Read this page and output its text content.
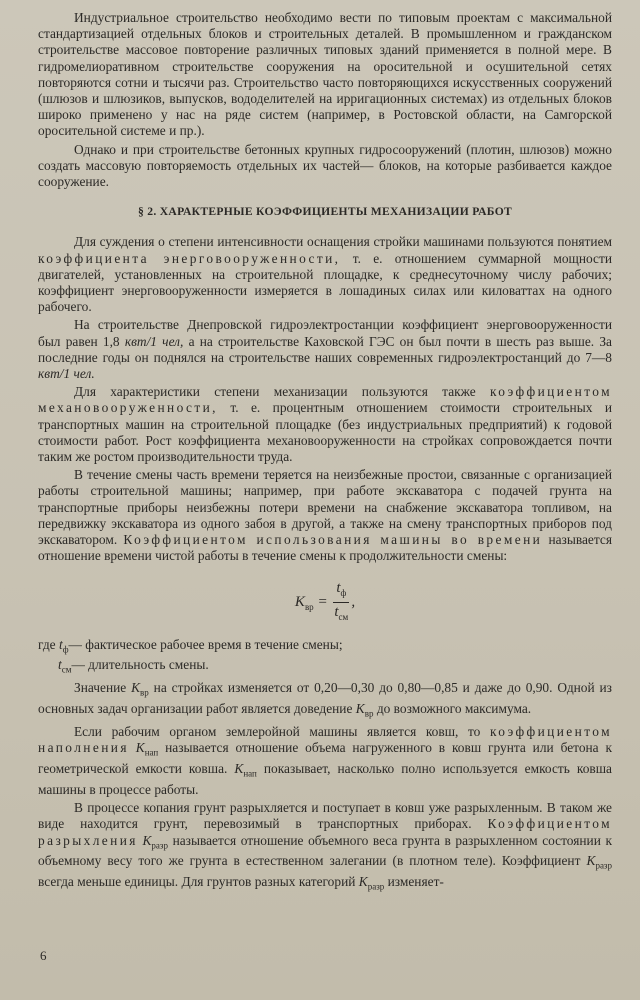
Индустриальное строительство необходимо вести по типовым проектам с максимальной стандартизацией отдельных блоков и строительных деталей. В промышленном и гражданском строительстве массовое повторение различных типовых зданий применяется в полной мере. В гидромелиоративном строительстве сооружения на оросительной и осушительной сетях повторяются сотни и тысячи раз. Строительство часто повторяющихся искусственных сооружений (шлюзов и шлюзиков, выпусков, вододелителей на ирригационных системах) из отдельных блоков широко применено у нас на ряде систем (например, в Ростовской области, на Самгорской оросительной системе и пр.).

Однако и при строительстве бетонных крупных гидросооружений (плотин, шлюзов) можно создать массовую повторяемость отдельных их частей— блоков, на которые разбивается каждое сооружение.

§ 2. ХАРАКТЕРНЫЕ КОЭФФИЦИЕНТЫ МЕХАНИЗАЦИИ РАБОТ

Для суждения о степени интенсивности оснащения стройки машинами пользуются понятием коэффициента энерговооруженности, т. е. отношением суммарной мощности двигателей, установленных на строительной площадке, к среднесуточному числу рабочих; коэффициент энерговооруженности измеряется в лошадиных силах или киловаттах на одного рабочего.

На строительстве Днепровской гидроэлектростанции коэффициент энерговооруженности был равен 1,8 квт/1 чел, а на строительстве Каховской ГЭС он был почти в шесть раз выше. За последние годы он поднялся на строительстве наших современных гидроэлектростанций до 7—8 квт/1 чел.

Для характеристики степени механизации пользуются также коэффициентом механовооруженности, т. е. процентным отношением стоимости строительных и транспортных машин на строительной площадке (без индустриальных предприятий) к годовой стоимости работ. Рост коэффициента механовооруженности на стройках сопровождается почти таким же ростом производительности труда.

В течение смены часть времени теряется на неизбежные простои, связанные с организацией работы строительной машины; например, при работе экскаватора с подачей грунта на транспортные приборы неизбежны потери времени на снабжение экскаватора топливом, на передвижку экскаватора из одного забоя в другой, а также на смену транспортных приборов под экскаватором. Коэффициентом использования машины во времени называется отношение времени чистой работы в течение смены к продолжительности смены:

$K_{вр} = \frac{t_ф}{t_{см}}$ ,

где $t_ф—$ фактическое рабочее время в течение смены;

$t_{см}—$ длительность смены.

Значение $K_{вр}$ на стройках изменяется от 0,20—0,30 до 0,80—0,85 и даже до 0,90. Одной из основных задач организации работ является доведение $K_{вр}$ до возможного максимума.

Если рабочим органом землеройной машины является ковш, то коэффициентом наполнения $K_{нап}$ называется отношение объема нагруженного в ковш грунта или бетона к геометрической емкости ковша. $K_{нап}$ показывает, насколько полно используется емкость ковша машины в процессе работы.

В процессе копания грунт разрыхляется и поступает в ковш уже разрыхленным. В таком же виде находится грунт, перевозимый в транспортных приборах. Коэффициентом разрыхления $K_{разр}$ называется отношение объемного веса грунта в разрыхленном состоянии к объемному весу того же грунта в естественном залегании (в плотном теле). Коэффициент $K_{разр}$ всегда меньше единицы. Для грунтов разных категорий $K_{разр}$ изменяет-

6
